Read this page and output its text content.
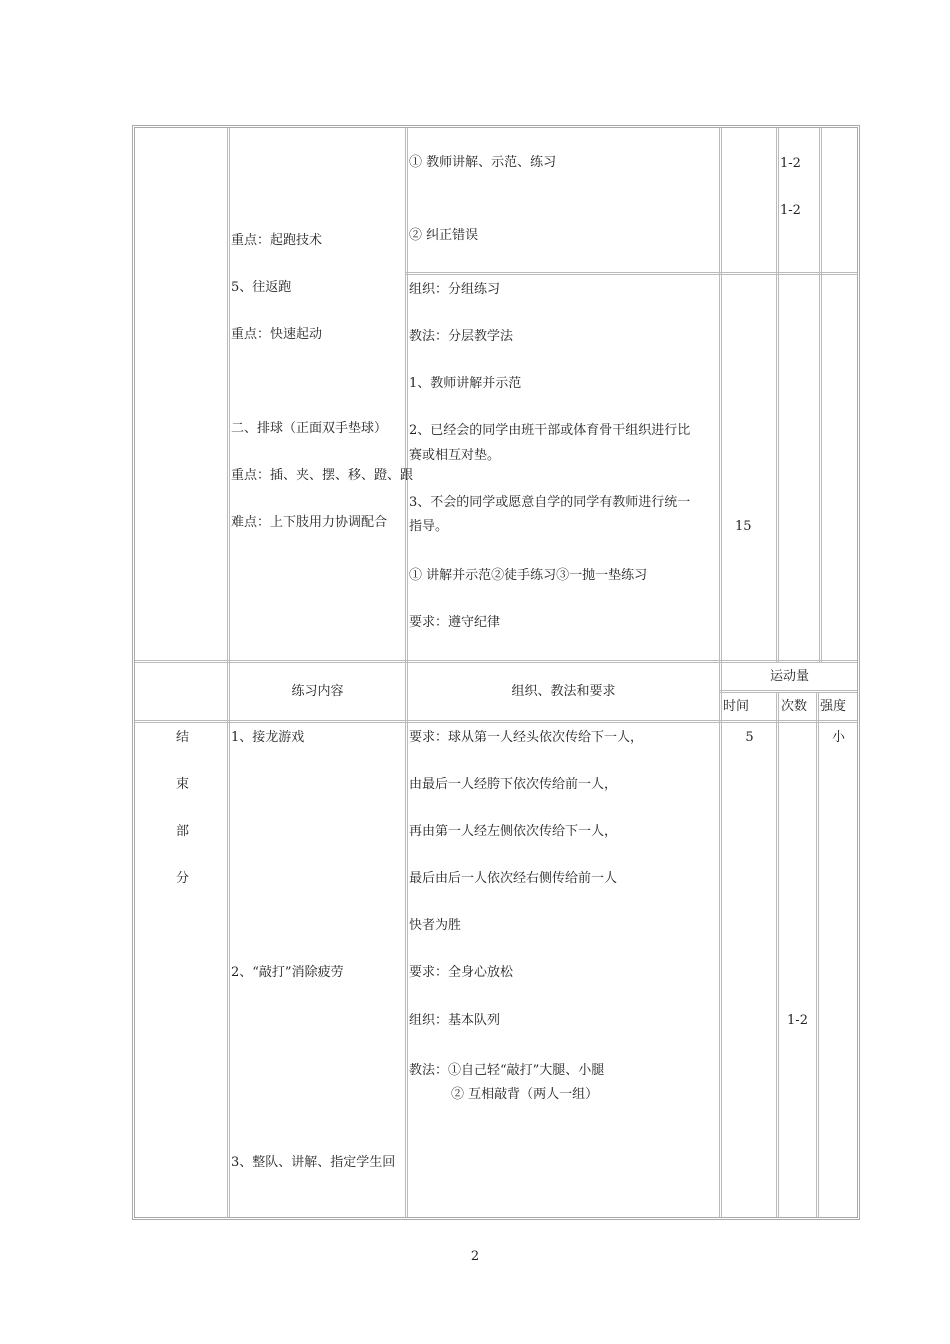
重点：起跑技术
5、往返跑
重点：快速起动
二、排球（正面双手垫球）
重点：插、夹、摆、移、蹬、跟
难点：上下肢用力协调配合
① 教师讲解、示范、练习
② 纠正错误
组织：分组练习
教法：分层教学法
1、教师讲解并示范
2、已经会的同学由班干部或体育骨干组织进行比
赛或相互对垫。
3、不会的同学或愿意自学的同学有教师进行统一
指导。
① 讲解并示范②徒手练习③一抛一垫练习
要求：遵守纪律
15
1-2
1-2
练习内容	组织、教法和要求
运动量
时间 次数 强度
结
束
部
分
1、接龙游戏
2、“敲打”消除疲劳
3、整队、讲解、指定学生回
要求：球从第一人经头依次传给下一人，
由最后一人经胯下依次传给前一人，
再由第一人经左侧依次传给下一人，
最后由后一人依次经右侧传给前一人
快者为胜
要求：全身心放松
组织：基本队列
教法：①自己轻“敲打”大腿、小腿
② 互相敲背（两人一组）
5
1-2
小
2
